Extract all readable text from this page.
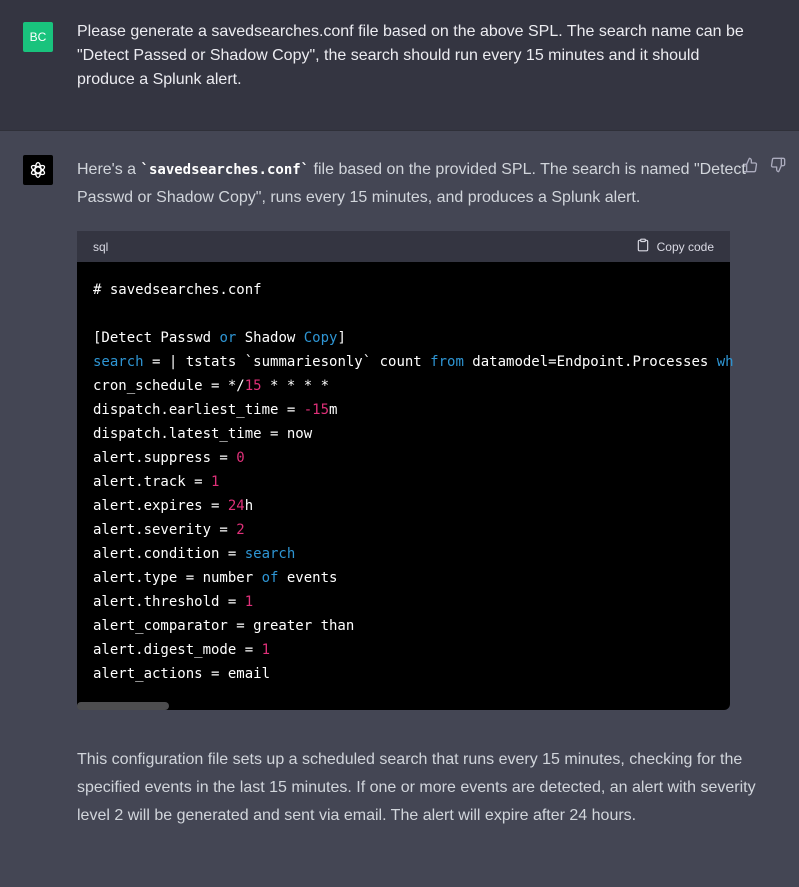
BC	Please generate a savedsearches.conf file based on the above SPL. The search name can be "Detect Passed or Shadow Copy", the search should run every 15 minutes and it should produce a Splunk alert.
Here's a `savedsearches.conf` file based on the provided SPL. The search is named "Detect Passwd or Shadow Copy", runs every 15 minutes, and produces a Splunk alert.
sql	Copy code
# savedsearches.conf
[Detect Passwd or Shadow Copy]
search = | tstats `summariesonly` count from datamodel=Endpoint.Processes wh
cron_schedule = */15 * * * *
dispatch.earliest_time = -15m
dispatch.latest_time = now
alert.suppress = 0
alert.track = 1
alert.expires = 24h
alert.severity = 2
alert.condition = search
alert.type = number of events
alert.threshold = 1
alert_comparator = greater than
alert.digest_mode = 1
alert_actions = email
This configuration file sets up a scheduled search that runs every 15 minutes, checking for the specified events in the last 15 minutes. If one or more events are detected, an alert with severity level 2 will be generated and sent via email. The alert will expire after 24 hours.
